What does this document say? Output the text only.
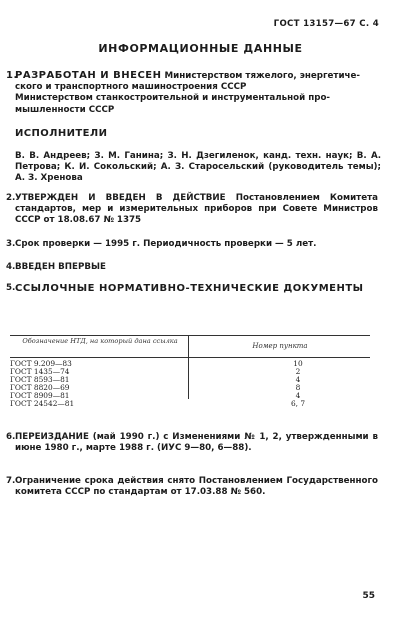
ГОСТ 13157—67 С. 4
ИНФОРМАЦИОННЫЕ ДАННЫЕ
1.
РАЗРАБОТАН И ВНЕСЕН Министерством тяжелого, энергетиче-
ского и транспортного машиностроения СССР
Министерством станкостроительной и инструментальной про-
мышленности СССР
ИСПОЛНИТЕЛИ
В. В. Андреев; З. М. Ганина; З. Н. Дзегиленок, канд. техн. наук; В. А. Петрова; К. И. Сокольский; А. З. Старосельский (руководитель темы); А. З. Хренова
2. УТВЕРЖДЕН И ВВЕДЕН В ДЕЙСТВИЕ Постановлением Комитета стандартов, мер и измерительных приборов при Совете Министров СССР от 18.08.67 № 1375
3. Срок проверки — 1995 г. Периодичность проверки — 5 лет.
4. ВВЕДЕН ВПЕРВЫЕ
5. ССЫЛОЧНЫЕ НОРМАТИВНО-ТЕХНИЧЕСКИЕ ДОКУМЕНТЫ
Обозначение НТД, на который дана ссылка
Номер пункта
ГОСТ 9.209—83	10
ГОСТ 1435—74	2
ГОСТ 8593—81	4
ГОСТ 8820—69	8
ГОСТ 8909—81	4
ГОСТ 24542—81	6, 7
6. ПЕРЕИЗДАНИЕ (май 1990 г.) с Изменениями № 1, 2, утвержденными в июне 1980 г., марте 1988 г. (ИУС 9—80, 6—88).
7. Ограничение срока действия снято Постановлением Государственного комитета СССР по стандартам от 17.03.88 № 560.
55
